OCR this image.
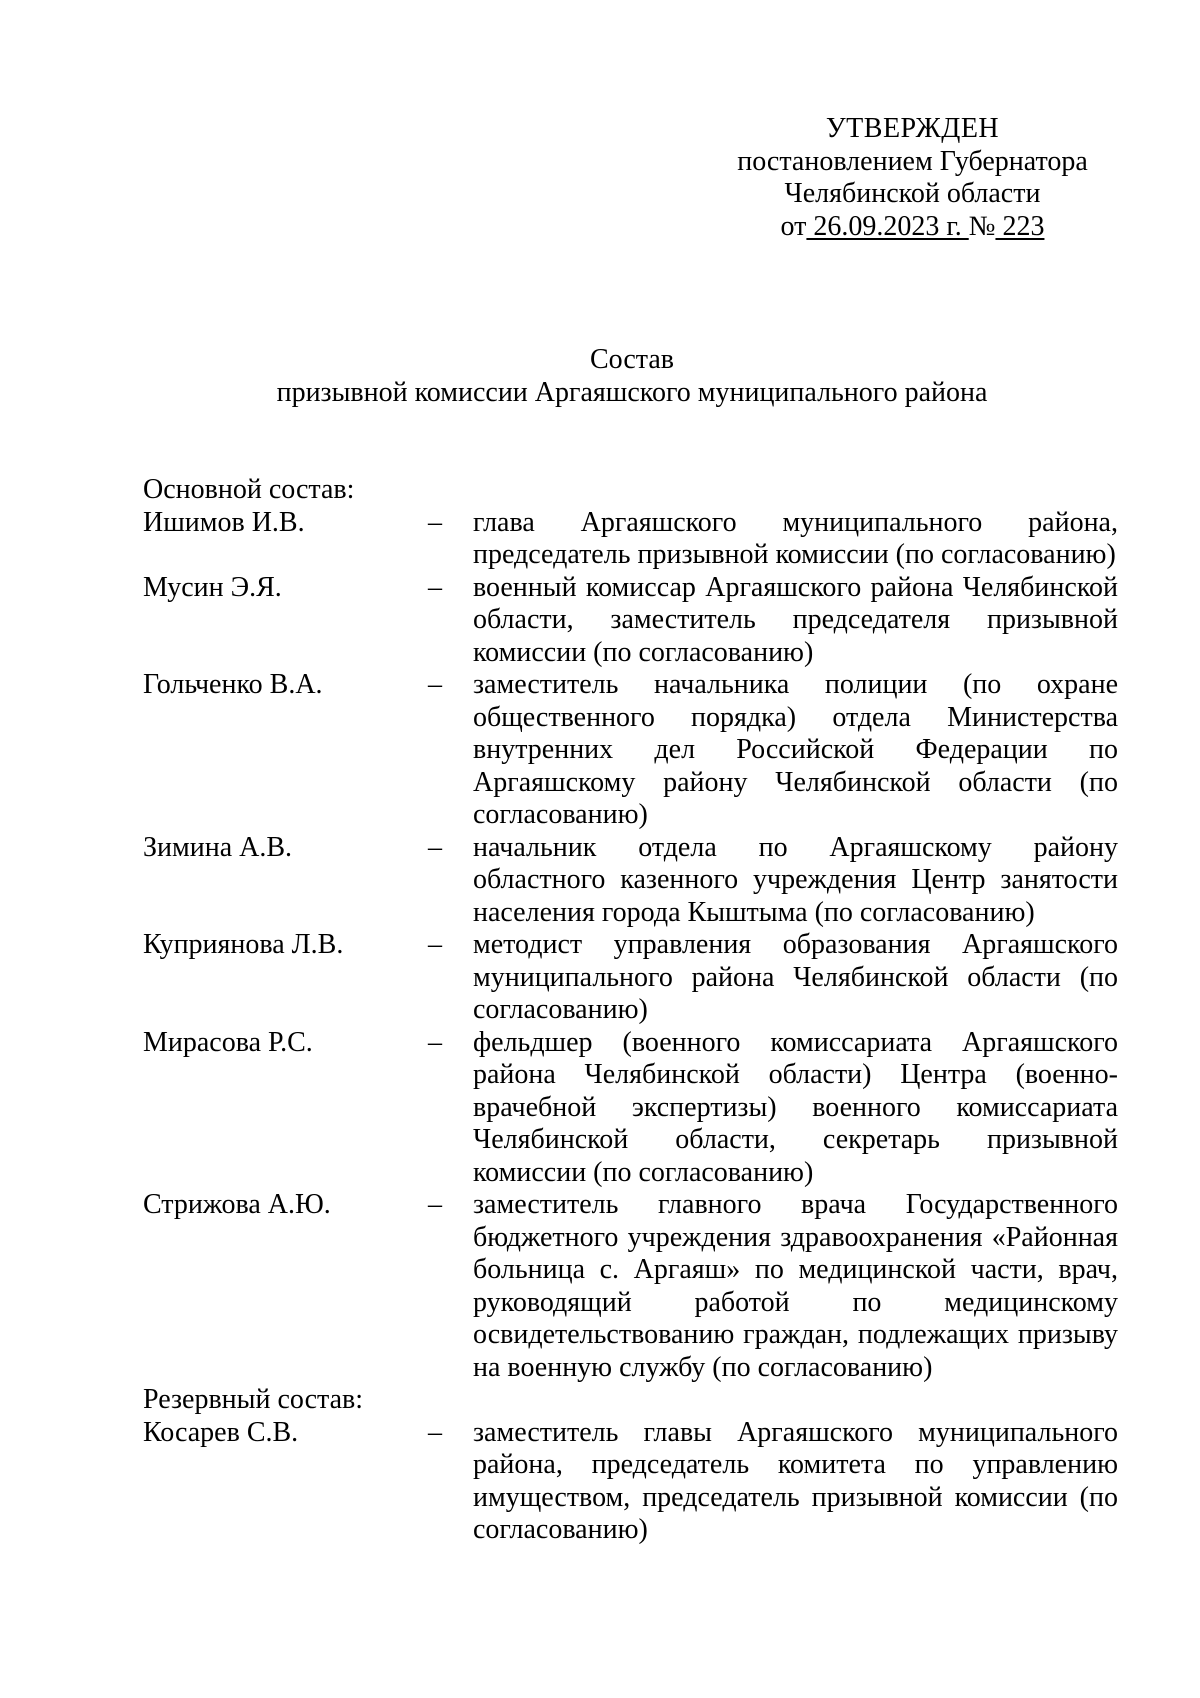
УТВЕРЖДЕН
постановлением Губернатора
Челябинской области
от 26.09.2023 г. № 223
Состав
призывной комиссии Аргаяшского муниципального района
Основной состав:
Ишимов И.В.	–	глава Аргаяшского муниципального района, председатель призывной комиссии (по согласованию)
Мусин Э.Я.	–	военный комиссар Аргаяшского района Челябинской области, заместитель председателя призывной комиссии (по согласованию)
Гольченко В.А.	–	заместитель начальника полиции (по охране общественного порядка) отдела Министерства внутренних дел Российской Федерации по Аргаяшскому району Челябинской области (по согласованию)
Зимина А.В.	–	начальник отдела по Аргаяшскому району областного казенного учреждения Центр занятости населения города Кыштыма (по согласованию)
Куприянова Л.В.	–	методист управления образования Аргаяшского муниципального района Челябинской области (по согласованию)
Мирасова Р.С.	–	фельдшер (военного комиссариата Аргаяшского района Челябинской области) Центра (военно-врачебной экспертизы) военного комиссариата Челябинской области, секретарь призывной комиссии (по согласованию)
Стрижова А.Ю.	–	заместитель главного врача Государственного бюджетного учреждения здравоохранения «Районная больница с. Аргаяш» по медицинской части, врач, руководящий работой по медицинскому освидетельствованию граждан, подлежащих призыву на военную службу (по согласованию)
Резервный состав:
Косарев С.В.	–	заместитель главы Аргаяшского муниципального района, председатель комитета по управлению имуществом, председатель призывной комиссии (по согласованию)
